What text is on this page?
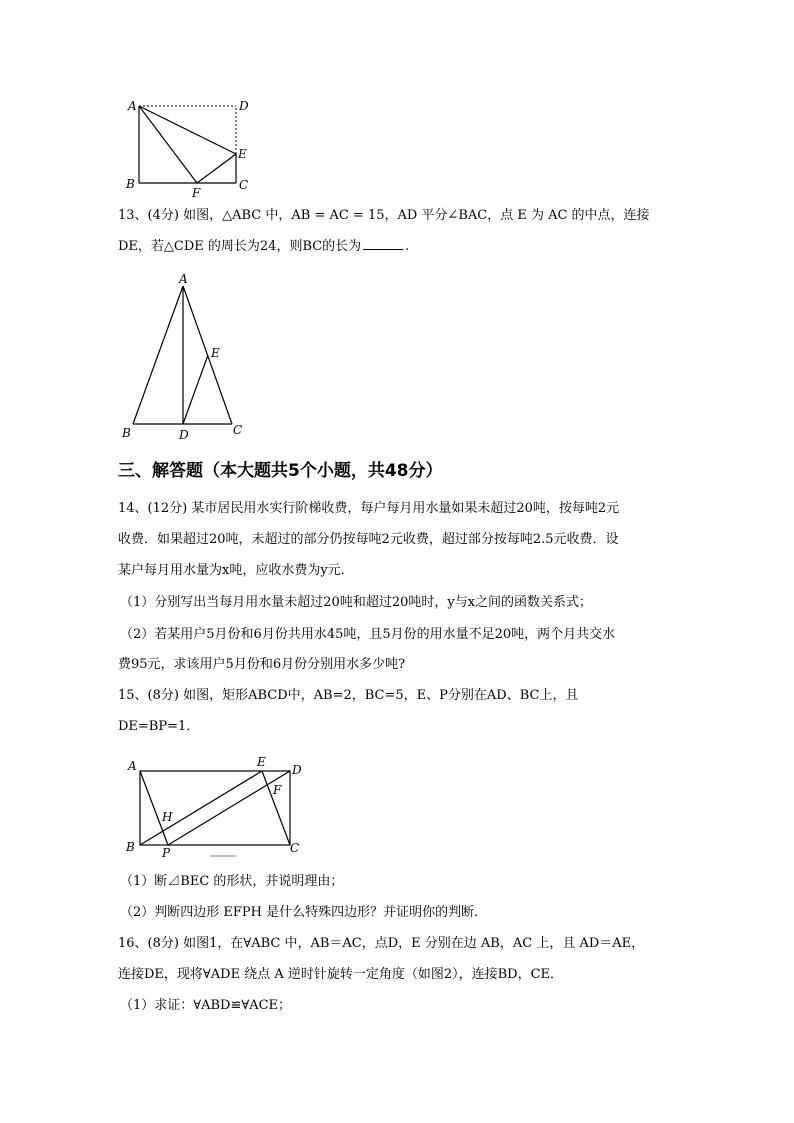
A	D
E
B
F
C
13、(4分) 如图，△ABC 中，AB = AC = 15，AD 平分∠BAC，点 E 为 AC 的中点，连接
DE，若△CDE 的周长为24，则BC的长为	.
A
E
B	D	C
三、解答题（本大题共5个小题，共48分）
14、(12分) 某市居民用水实行阶梯收费，每户每月用水量如果未超过20吨，按每吨2元
收费．如果超过20吨，未超过的部分仍按每吨2元收费，超过部分按每吨2.5元收费．设
某户每月用水量为x吨，应收水费为y元．
（1）分别写出当每月用水量未超过20吨和超过20吨时，y与x之间的函数关系式；
（2）若某用户5月份和6月份共用水45吨，且5月份的用水量不足20吨，两个月共交水
费95元，求该用户5月份和6月份分别用水多少吨?
15、(8分) 如图，矩形ABCD中，AB=2，BC=5，E、P分别在AD、BC上，且
DE=BP=1．
A	E
D
F
H
B P	C
（1）断⊿BEC 的形状，并说明理由；
（2）判断四边形 EFPH 是什么特殊四边形？并证明你的判断．
16、(8分) 如图1，在∀ABC 中，AB＝AC，点D，E 分别在边 AB，AC 上，且 AD＝AE，
连接DE，现将∀ADE 绕点 A 逆时针旋转一定角度（如图2），连接BD，CE．
（1）求证：∀ABD≌∀ACE；
